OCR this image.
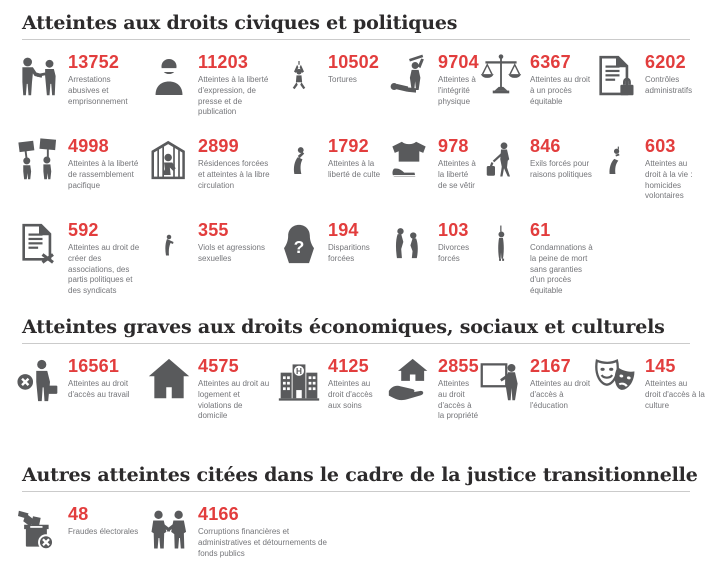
Atteintes aux droits civiques et politiques
13752
Arrestations abusives et emprisonnement
11203
Atteintes à la liberté d'expression, de presse et de publication
10502
Tortures
9704
Atteintes à l'intégrité physique
6367
Atteintes au droit à un procès équitable
6202
Contrôles administratifs
4998
Atteintes à la liberté de rassemblement pacifique
2899
Résidences forcées et atteintes à la libre circulation
1792
Atteintes à la liberté de culte
978
Atteintes à la liberté de se vêtir
846
Exils forcés pour raisons politiques
603
Atteintes au droit à la vie : homicides volontaires
592
Atteintes au droit de créer des associations, des partis politiques et des syndicats
355
Viols et agressions sexuelles
?
194
Disparitions forcées
103
Divorces forcés
61
Condamnations à la peine de mort sans garanties d'un procès équitable
Atteintes graves aux droits économiques, sociaux et culturels
16561
Atteintes au droit d'accès au travail
4575
Atteintes au droit au logement et violations de domicile
H 4125
Atteintes au droit d'accès aux soins
2855
Atteintes au droit d'accès à la propriété
2167
Atteintes au droit d'accès à l'éducation
145
Atteintes au droit d'accès à la culture
Autres atteintes citées dans le cadre de la justice transitionnelle
48
Fraudes électorales
4166
Corruptions financières et administratives et détournements de fonds publics
